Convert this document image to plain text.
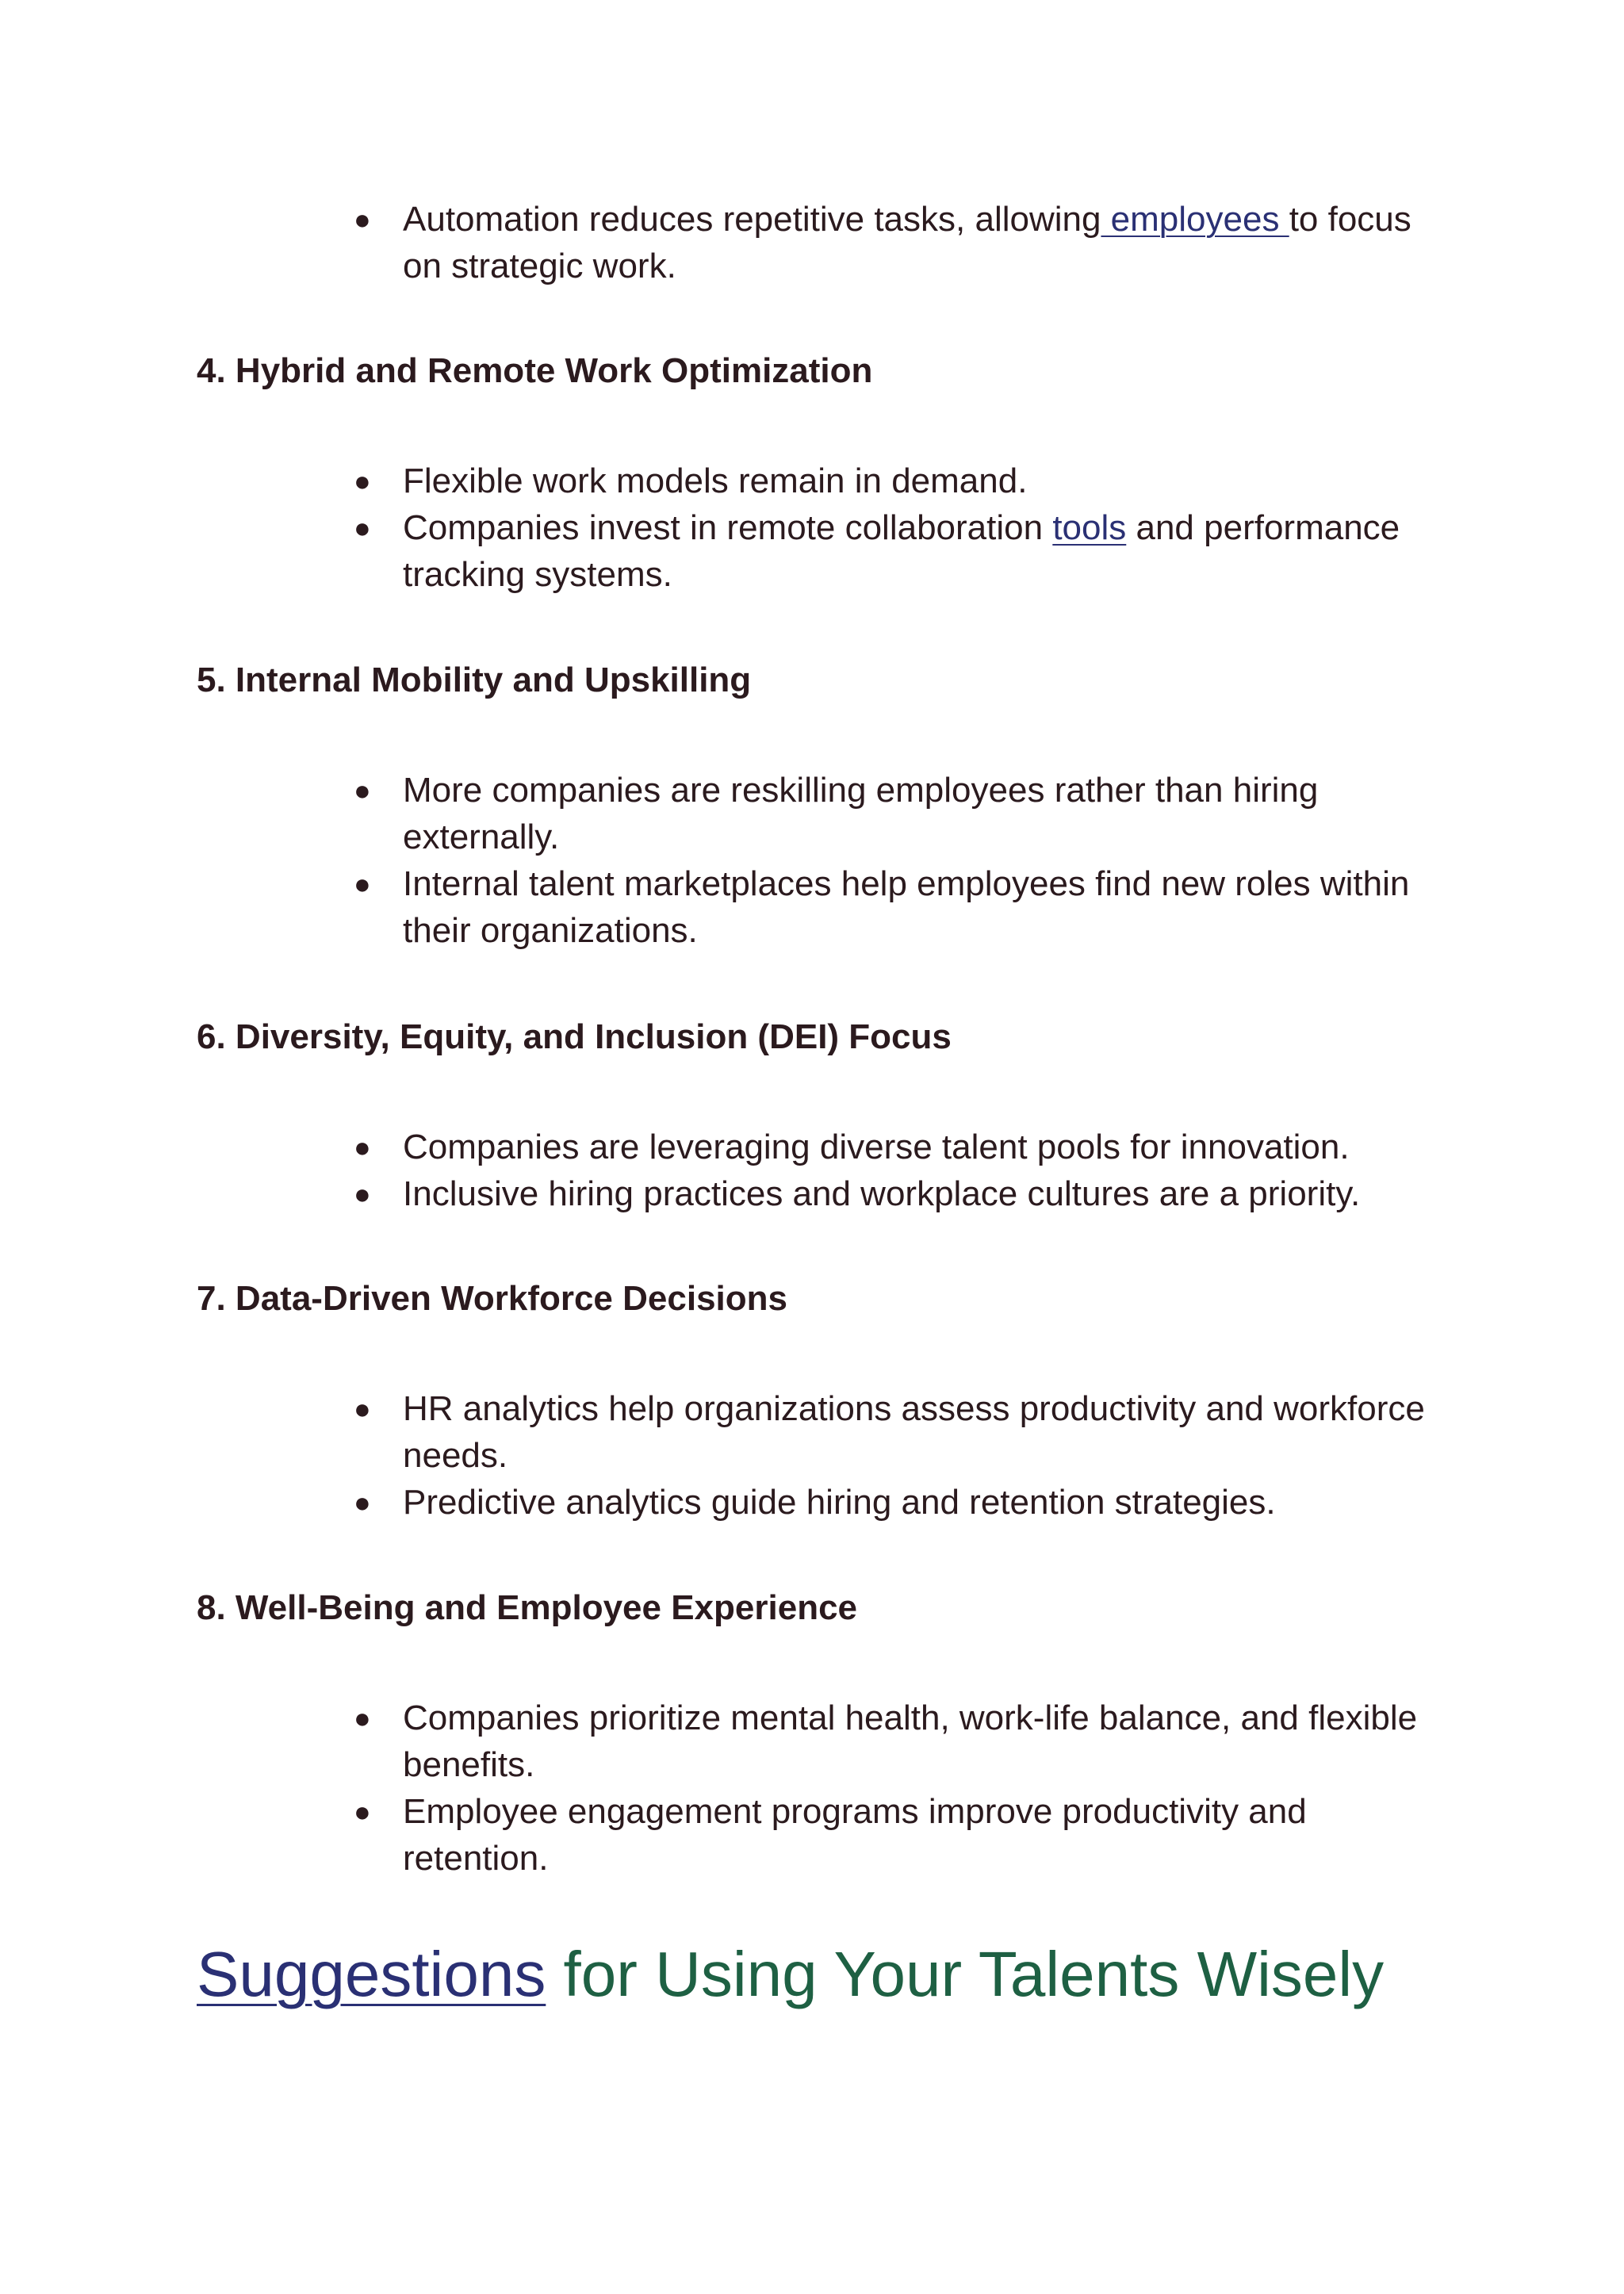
● Automation reduces repetitive tasks, allowing employees to focus on strategic work.
4. Hybrid and Remote Work Optimization
● Flexible work models remain in demand.
● Companies invest in remote collaboration tools and performance tracking systems.
5. Internal Mobility and Upskilling
● More companies are reskilling employees rather than hiring externally.
● Internal talent marketplaces help employees find new roles within their organizations.
6. Diversity, Equity, and Inclusion (DEI) Focus
● Companies are leveraging diverse talent pools for innovation.
● Inclusive hiring practices and workplace cultures are a priority.
7. Data-Driven Workforce Decisions
● HR analytics help organizations assess productivity and workforce needs.
● Predictive analytics guide hiring and retention strategies.
8. Well-Being and Employee Experience
● Companies prioritize mental health, work-life balance, and flexible benefits.
● Employee engagement programs improve productivity and retention.
Suggestions for Using Your Talents Wisely
